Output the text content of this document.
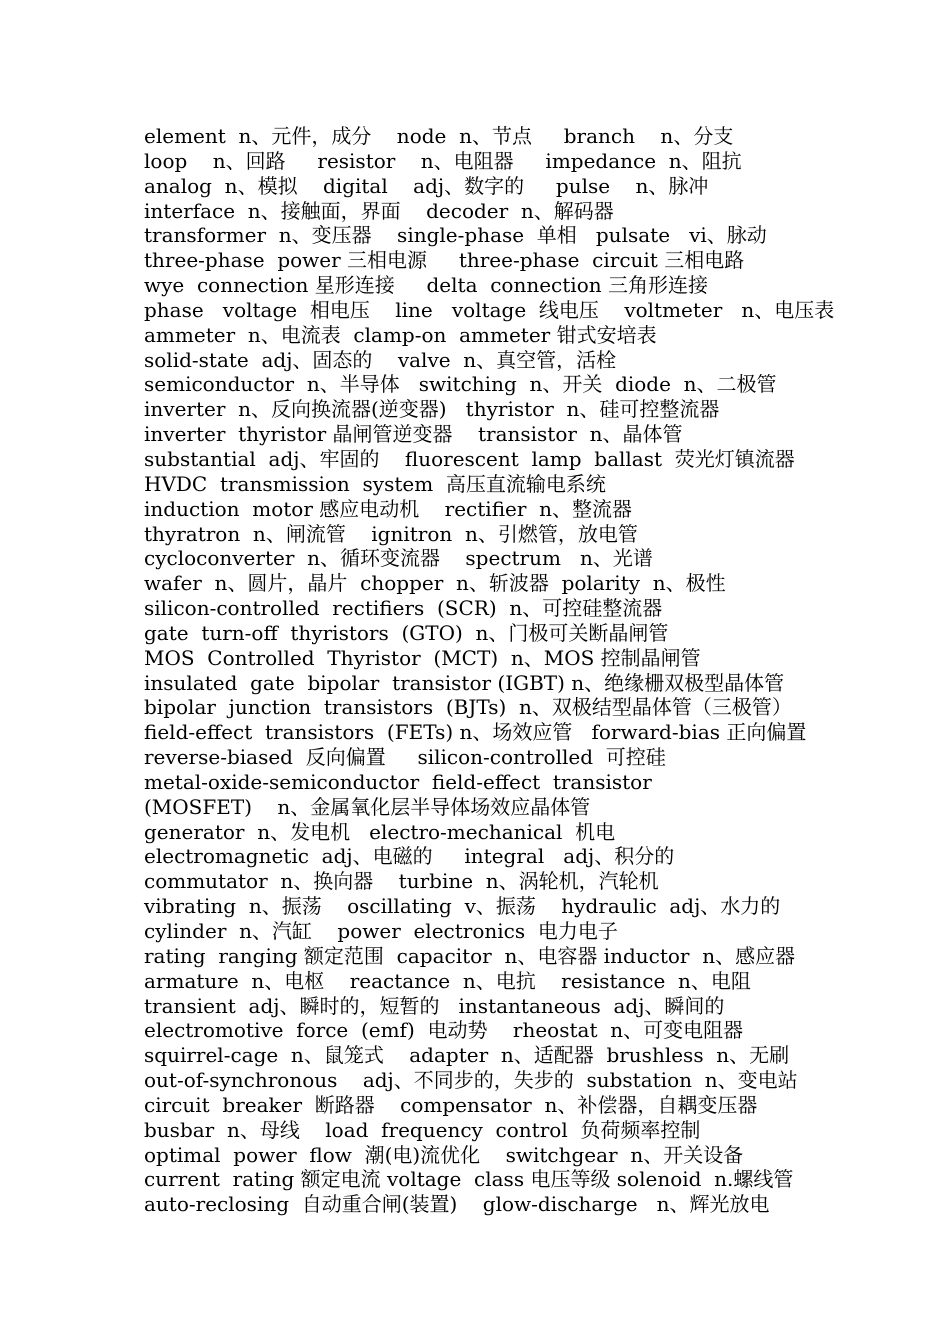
element  n、元件，成分    node  n、节点     branch    n、分支
loop    n、回路     resistor    n、电阻器     impedance  n、阻抗
analog  n、模拟    digital    adj、数字的     pulse    n、脉冲
interface  n、接触面，界面    decoder  n、解码器
transformer  n、变压器    single-phase  单相   pulsate   vi、脉动
three-phase  power 三相电源     three-phase  circuit 三相电路
wye  connection 星形连接     delta  connection 三角形连接
phase   voltage  相电压    line   voltage  线电压    voltmeter   n、电压表
ammeter  n、电流表  clamp-on  ammeter 钳式安培表
solid-state  adj、固态的    valve  n、真空管，活栓
semiconductor  n、半导体   switching  n、开关  diode  n、二极管
inverter  n、反向换流器(逆变器)   thyristor  n、硅可控整流器
inverter  thyristor 晶闸管逆变器    transistor  n、晶体管
substantial  adj、牢固的    fluorescent  lamp  ballast  荧光灯镇流器
HVDC  transmission  system  高压直流输电系统
induction  motor 感应电动机    rectifier  n、整流器
thyratron  n、闸流管    ignitron  n、引燃管，放电管
cycloconverter  n、循环变流器    spectrum   n、光谱
wafer  n、圆片，晶片  chopper  n、斩波器  polarity  n、极性
silicon-controlled  rectifiers  (SCR)  n、可控硅整流器
gate  turn-off  thyristors  (GTO)  n、门极可关断晶闸管
MOS  Controlled  Thyristor  (MCT)  n、MOS 控制晶闸管
insulated  gate  bipolar  transistor (IGBT) n、绝缘栅双极型晶体管
bipolar  junction  transistors  (BJTs)  n、双极结型晶体管（三极管）
field-effect  transistors  (FETs) n、场效应管   forward-bias 正向偏置
reverse-biased  反向偏置     silicon-controlled  可控硅
metal-oxide-semiconductor  field-effect  transistor
(MOSFET)    n、金属氧化层半导体场效应晶体管
generator  n、发电机   electro-mechanical  机电
electromagnetic  adj、电磁的     integral   adj、积分的
commutator  n、换向器    turbine  n、涡轮机，汽轮机
vibrating  n、振荡    oscillating  v、振荡    hydraulic  adj、水力的
cylinder  n、汽缸    power  electronics  电力电子
rating  ranging 额定范围  capacitor  n、电容器 inductor  n、感应器
armature  n、电枢    reactance  n、电抗    resistance  n、电阻
transient  adj、瞬时的，短暂的   instantaneous  adj、瞬间的
electromotive  force  (emf)  电动势    rheostat  n、可变电阻器
squirrel-cage  n、鼠笼式    adapter  n、适配器  brushless  n、无刷
out-of-synchronous    adj、不同步的，失步的  substation  n、变电站
circuit  breaker  断路器    compensator  n、补偿器，自耦变压器
busbar  n、母线    load  frequency  control  负荷频率控制
optimal  power  flow  潮(电)流优化    switchgear  n、开关设备
current  rating 额定电流 voltage  class 电压等级 solenoid  n.螺线管
auto-reclosing  自动重合闸(装置)    glow-discharge   n、辉光放电
